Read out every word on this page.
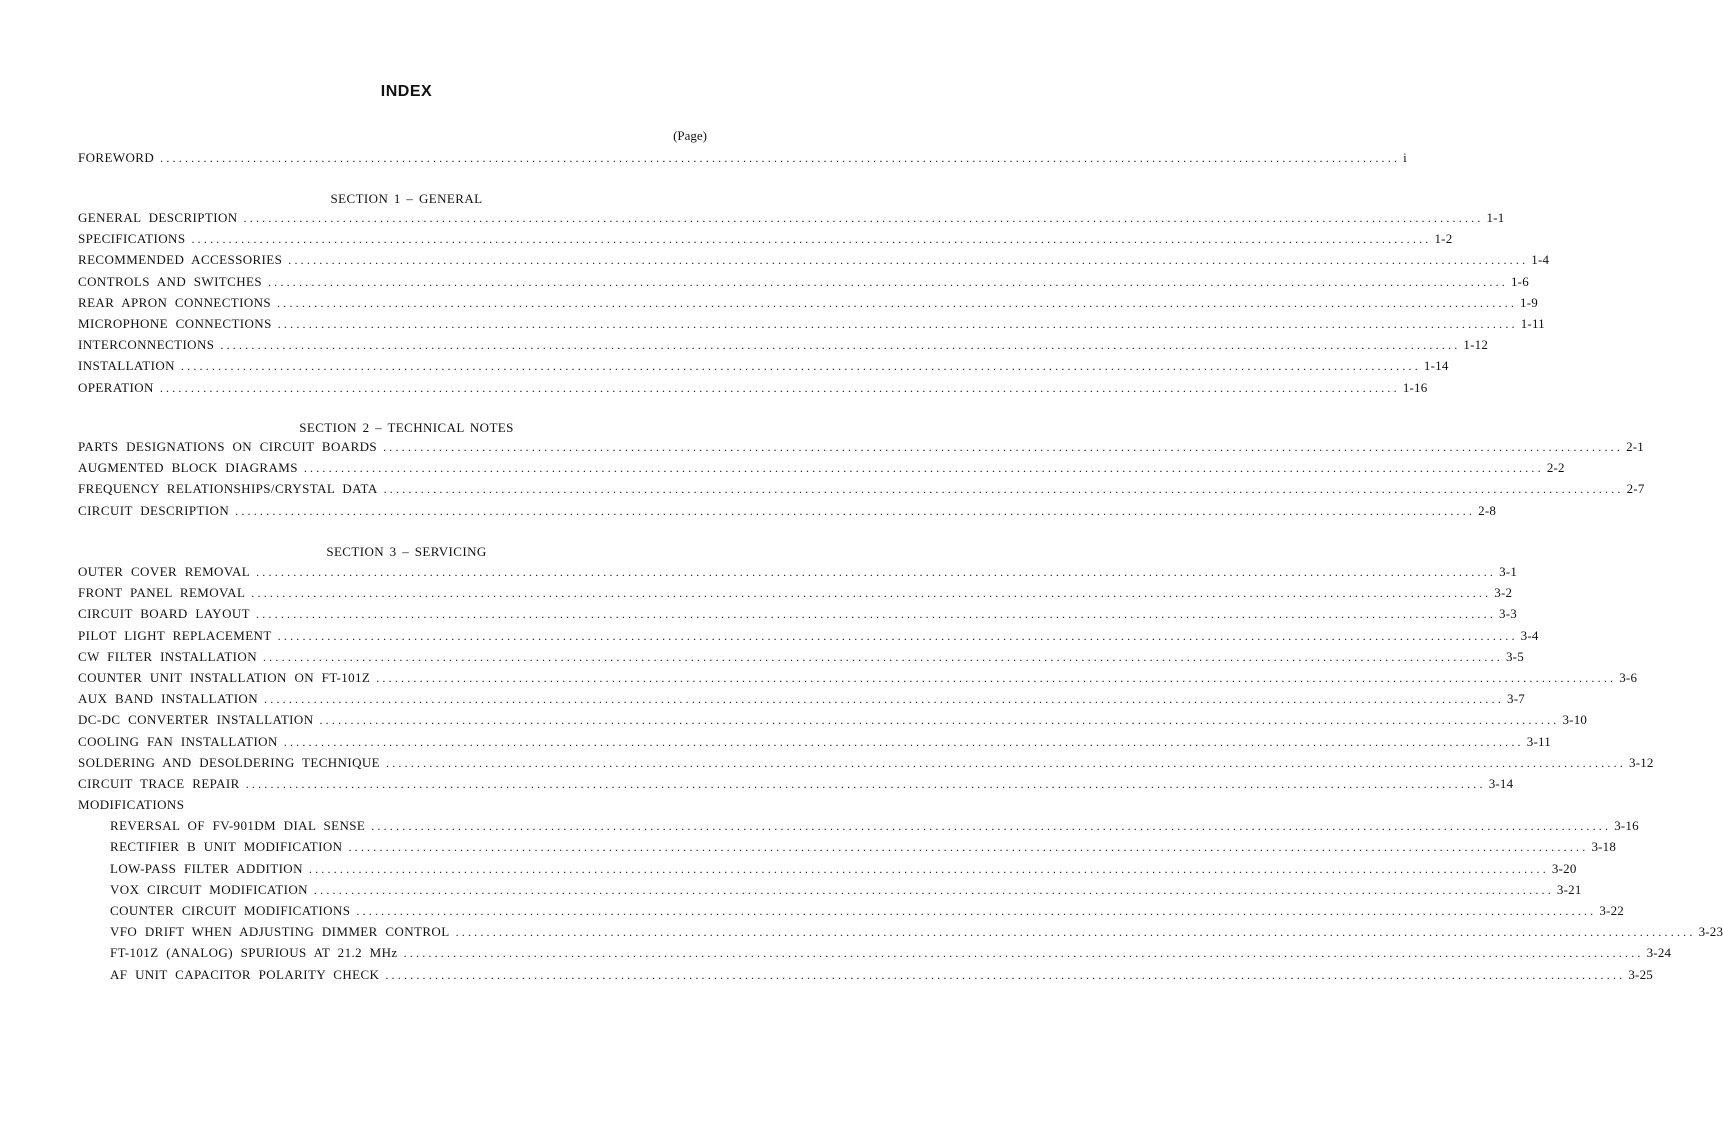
INDEX
(Page)
FOREWORD ........................................................................................................................................................................................................ i
SECTION 1 – GENERAL
GENERAL DESCRIPTION ........................................................................................................................................................................................................ 1-1
SPECIFICATIONS ........................................................................................................................................................................................................ 1-2
RECOMMENDED ACCESSORIES ........................................................................................................................................................................................................ 1-4
CONTROLS AND SWITCHES ........................................................................................................................................................................................................ 1-6
REAR APRON CONNECTIONS ........................................................................................................................................................................................................ 1-9
MICROPHONE CONNECTIONS ........................................................................................................................................................................................................ 1-11
INTERCONNECTIONS ........................................................................................................................................................................................................ 1-12
INSTALLATION ........................................................................................................................................................................................................ 1-14
OPERATION ........................................................................................................................................................................................................ 1-16
SECTION 2 – TECHNICAL NOTES
PARTS DESIGNATIONS ON CIRCUIT BOARDS ........................................................................................................................................................................................................ 2-1
AUGMENTED BLOCK DIAGRAMS ........................................................................................................................................................................................................ 2-2
FREQUENCY RELATIONSHIPS/CRYSTAL DATA ........................................................................................................................................................................................................ 2-7
CIRCUIT DESCRIPTION ........................................................................................................................................................................................................ 2-8
SECTION 3 – SERVICING
OUTER COVER REMOVAL ........................................................................................................................................................................................................ 3-1
FRONT PANEL REMOVAL ........................................................................................................................................................................................................ 3-2
CIRCUIT BOARD LAYOUT ........................................................................................................................................................................................................ 3-3
PILOT LIGHT REPLACEMENT ........................................................................................................................................................................................................ 3-4
CW FILTER INSTALLATION ........................................................................................................................................................................................................ 3-5
COUNTER UNIT INSTALLATION ON FT-101Z ........................................................................................................................................................................................................ 3-6
AUX BAND INSTALLATION ........................................................................................................................................................................................................ 3-7
DC-DC CONVERTER INSTALLATION ........................................................................................................................................................................................................ 3-10
COOLING FAN INSTALLATION ........................................................................................................................................................................................................ 3-11
SOLDERING AND DESOLDERING TECHNIQUE ........................................................................................................................................................................................................ 3-12
CIRCUIT TRACE REPAIR ........................................................................................................................................................................................................ 3-14
MODIFICATIONS
REVERSAL OF FV-901DM DIAL SENSE ........................................................................................................................................................................................................ 3-16
RECTIFIER B UNIT MODIFICATION ........................................................................................................................................................................................................ 3-18
LOW-PASS FILTER ADDITION ........................................................................................................................................................................................................ 3-20
VOX CIRCUIT MODIFICATION ........................................................................................................................................................................................................ 3-21
COUNTER CIRCUIT MODIFICATIONS ........................................................................................................................................................................................................ 3-22
VFO DRIFT WHEN ADJUSTING DIMMER CONTROL ........................................................................................................................................................................................................ 3-23
FT-101Z (ANALOG) SPURIOUS AT 21.2 MHz ........................................................................................................................................................................................................ 3-24
AF UNIT CAPACITOR POLARITY CHECK ........................................................................................................................................................................................................ 3-25
